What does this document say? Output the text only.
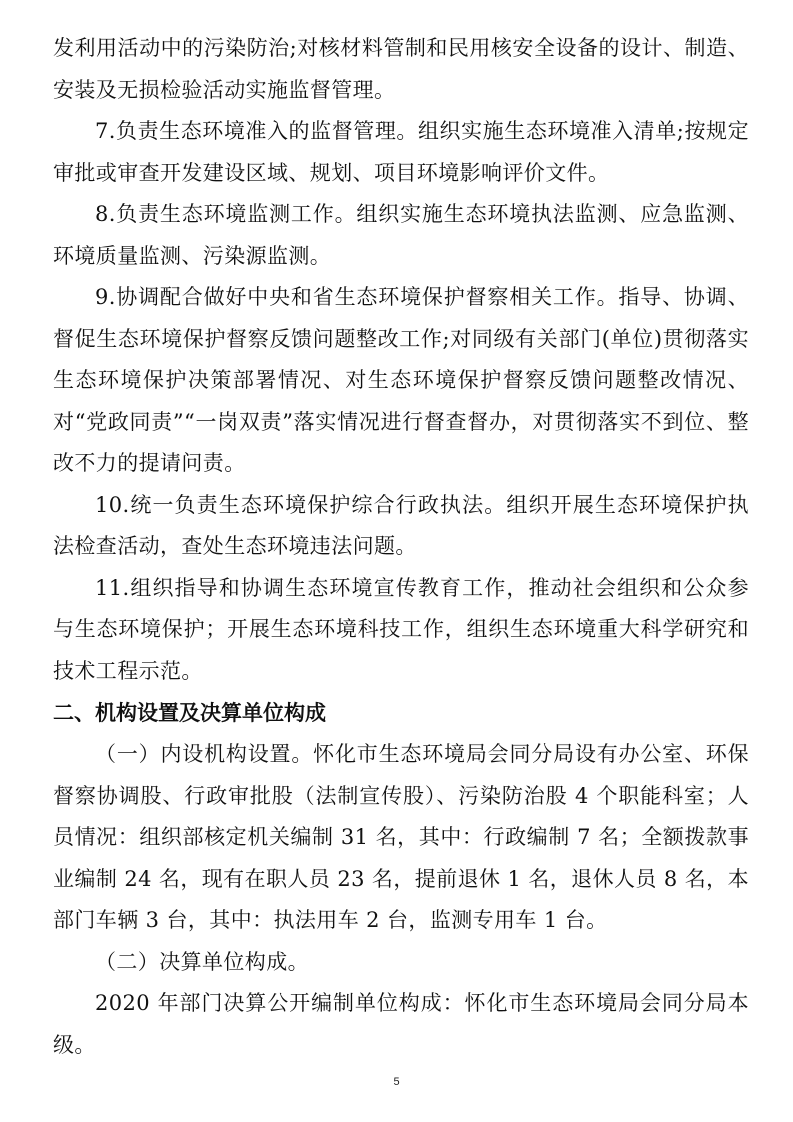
发利用活动中的污染防治;对核材料管制和民用核安全设备的设计、制造、安装及无损检验活动实施监督管理。

7.负责生态环境准入的监督管理。组织实施生态环境准入清单;按规定审批或审查开发建设区域、规划、项目环境影响评价文件。

8.负责生态环境监测工作。组织实施生态环境执法监测、应急监测、环境质量监测、污染源监测。

9.协调配合做好中央和省生态环境保护督察相关工作。指导、协调、督促生态环境保护督察反馈问题整改工作;对同级有关部门(单位)贯彻落实生态环境保护决策部署情况、对生态环境保护督察反馈问题整改情况、对“党政同责”“一岗双责”落实情况进行督查督办，对贯彻落实不到位、整改不力的提请问责。

10.统一负责生态环境保护综合行政执法。组织开展生态环境保护执法检查活动，查处生态环境违法问题。

11.组织指导和协调生态环境宣传教育工作，推动社会组织和公众参与生态环境保护；开展生态环境科技工作，组织生态环境重大科学研究和技术工程示范。

二、机构设置及决算单位构成

（一）内设机构设置。怀化市生态环境局会同分局设有办公室、环保督察协调股、行政审批股（法制宣传股）、污染防治股 4 个职能科室；人员情况：组织部核定机关编制 31 名，其中：行政编制 7 名；全额拨款事业编制 24 名，现有在职人员 23 名，提前退休 1 名，退休人员 8 名，本部门车辆 3 台，其中：执法用车 2 台，监测专用车 1 台。

（二）决算单位构成。

2020 年部门决算公开编制单位构成：怀化市生态环境局会同分局本级。

5
